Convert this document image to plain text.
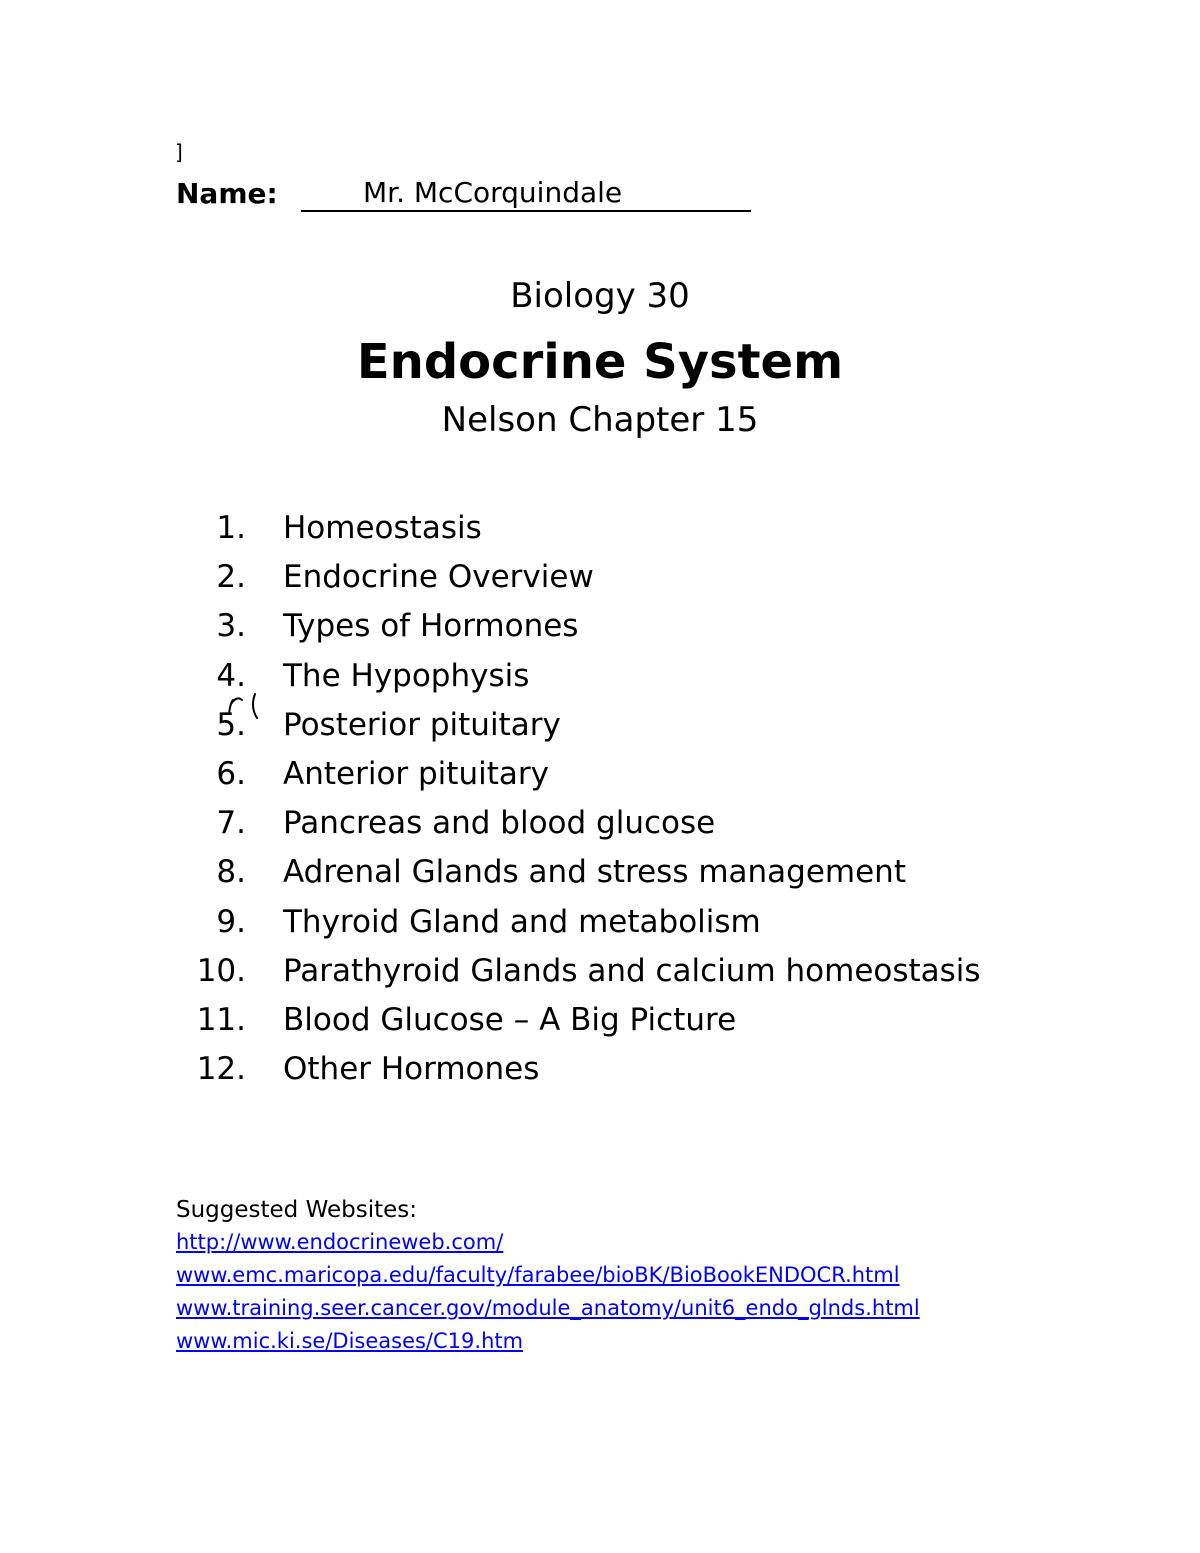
]
Name:	Mr. McCorquindale
Biology 30
Endocrine System
Nelson Chapter 15
1. Homeostasis
2. Endocrine Overview
3. Types of Hormones
4. The Hypophysis
5. Posterior pituitary
6. Anterior pituitary
7. Pancreas and blood glucose
8. Adrenal Glands and stress management
9. Thyroid Gland and metabolism
10. Parathyroid Glands and calcium homeostasis
11. Blood Glucose – A Big Picture
12. Other Hormones
Suggested Websites:
http://www.endocrineweb.com/
www.emc.maricopa.edu/faculty/farabee/bioBK/BioBookENDOCR.html
www.training.seer.cancer.gov/module_anatomy/unit6_endo_glnds.html
www.mic.ki.se/Diseases/C19.htm
